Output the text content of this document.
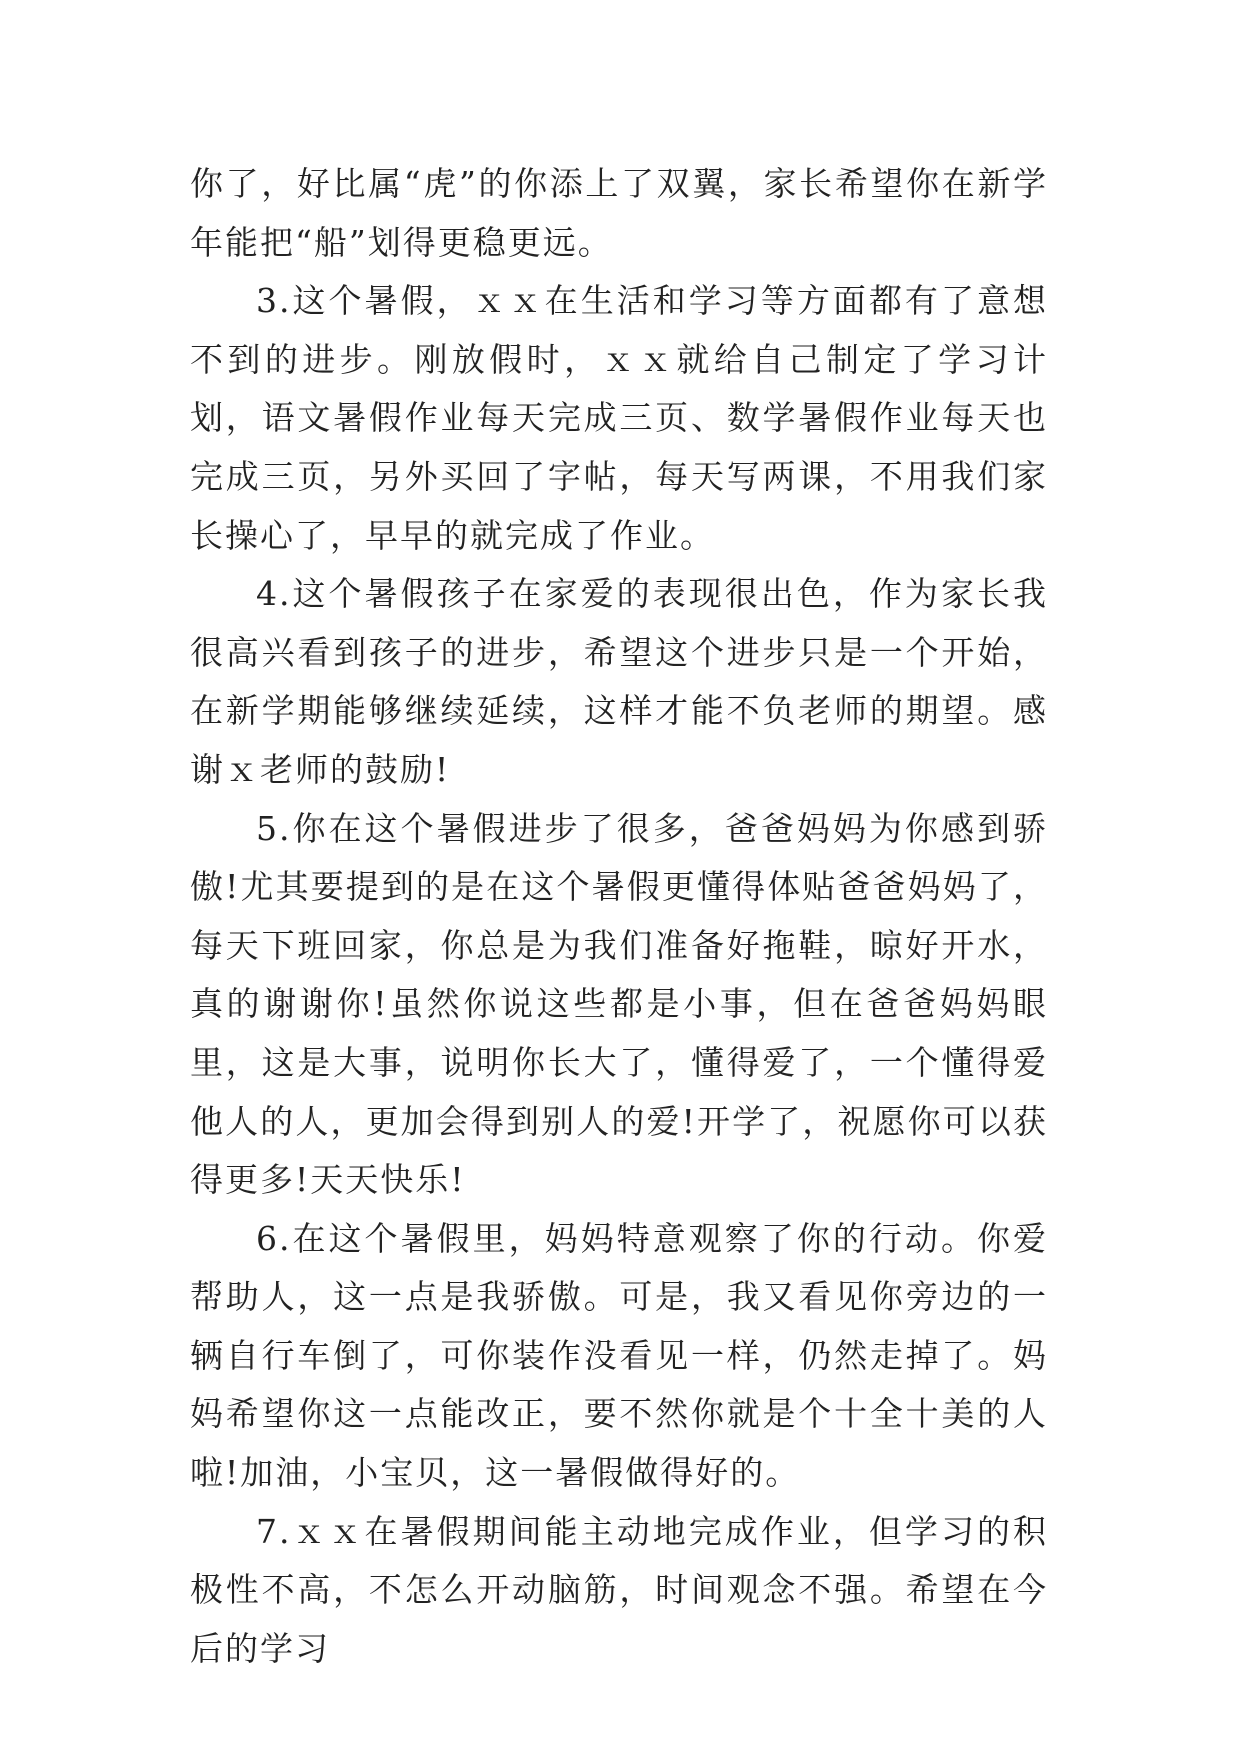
你了，好比属“虎”的你添上了双翼，家长希望你在新学年能把“船”划得更稳更远。

3.这个暑假，ｘｘ在生活和学习等方面都有了意想不到的进步。刚放假时，ｘｘ就给自己制定了学习计划，语文暑假作业每天完成三页、数学暑假作业每天也完成三页，另外买回了字帖，每天写两课，不用我们家长操心了，早早的就完成了作业。

4.这个暑假孩子在家爱的表现很出色，作为家长我很高兴看到孩子的进步，希望这个进步只是一个开始，在新学期能够继续延续，这样才能不负老师的期望。感谢ｘ老师的鼓励!

5.你在这个暑假进步了很多，爸爸妈妈为你感到骄傲!尤其要提到的是在这个暑假更懂得体贴爸爸妈妈了，每天下班回家，你总是为我们准备好拖鞋，晾好开水，真的谢谢你!虽然你说这些都是小事，但在爸爸妈妈眼里，这是大事，说明你长大了，懂得爱了，一个懂得爱他人的人，更加会得到别人的爱!开学了，祝愿你可以获得更多!天天快乐!

6.在这个暑假里，妈妈特意观察了你的行动。你爱帮助人，这一点是我骄傲。可是，我又看见你旁边的一辆自行车倒了，可你装作没看见一样，仍然走掉了。妈妈希望你这一点能改正，要不然你就是个十全十美的人啦!加油，小宝贝，这一暑假做得好的。

7.ｘｘ在暑假期间能主动地完成作业，但学习的积极性不高，不怎么开动脑筋，时间观念不强。希望在今后的学习
